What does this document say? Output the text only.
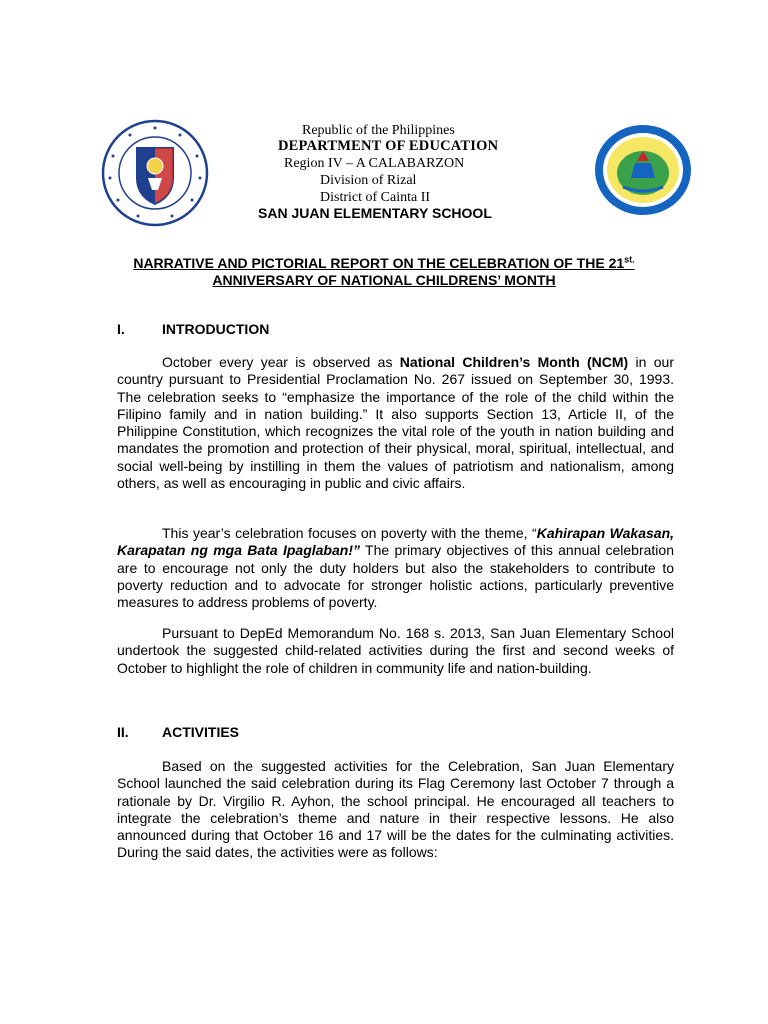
Republic of the Philippines
DEPARTMENT OF EDUCATION
Region IV – A CALABARZON
Division of Rizal
District of Cainta II
SAN JUAN ELEMENTARY SCHOOL
NARRATIVE AND PICTORIAL REPORT ON THE CELEBRATION OF THE $21^{st.}$
ANNIVERSARY OF NATIONAL CHILDRENS’ MONTH
I.	INTRODUCTION

October every year is observed as National Children’s Month (NCM) in our country pursuant to Presidential Proclamation No. 267 issued on September 30, 1993. The celebration seeks to “emphasize the importance of the role of the child within the Filipino family and in nation building.” It also supports Section 13, Article II, of the Philippine Constitution, which recognizes the vital role of the youth in nation building and mandates the promotion and protection of their physical, moral, spiritual, intellectual, and social well-being by instilling in them the values of patriotism and nationalism, among others, as well as encouraging in public and civic affairs.

This year’s celebration focuses on poverty with the theme, “Kahirapan Wakasan, Karapatan ng mga Bata Ipaglaban!” The primary objectives of this annual celebration are to encourage not only the duty holders but also the stakeholders to contribute to poverty reduction and to advocate for stronger holistic actions, particularly preventive measures to address problems of poverty.

Pursuant to DepEd Memorandum No. 168 s. 2013, San Juan Elementary School undertook the suggested child-related activities during the first and second weeks of October to highlight the role of children in community life and nation-building.

II. ACTIVITIES

Based on the suggested activities for the Celebration, San Juan Elementary School launched the said celebration during its Flag Ceremony last October 7 through a rationale by Dr. Virgilio R. Ayhon, the school principal. He encouraged all teachers to integrate the celebration’s theme and nature in their respective lessons. He also announced during that October 16 and 17 will be the dates for the culminating activities. During the said dates, the activities were as follows:
